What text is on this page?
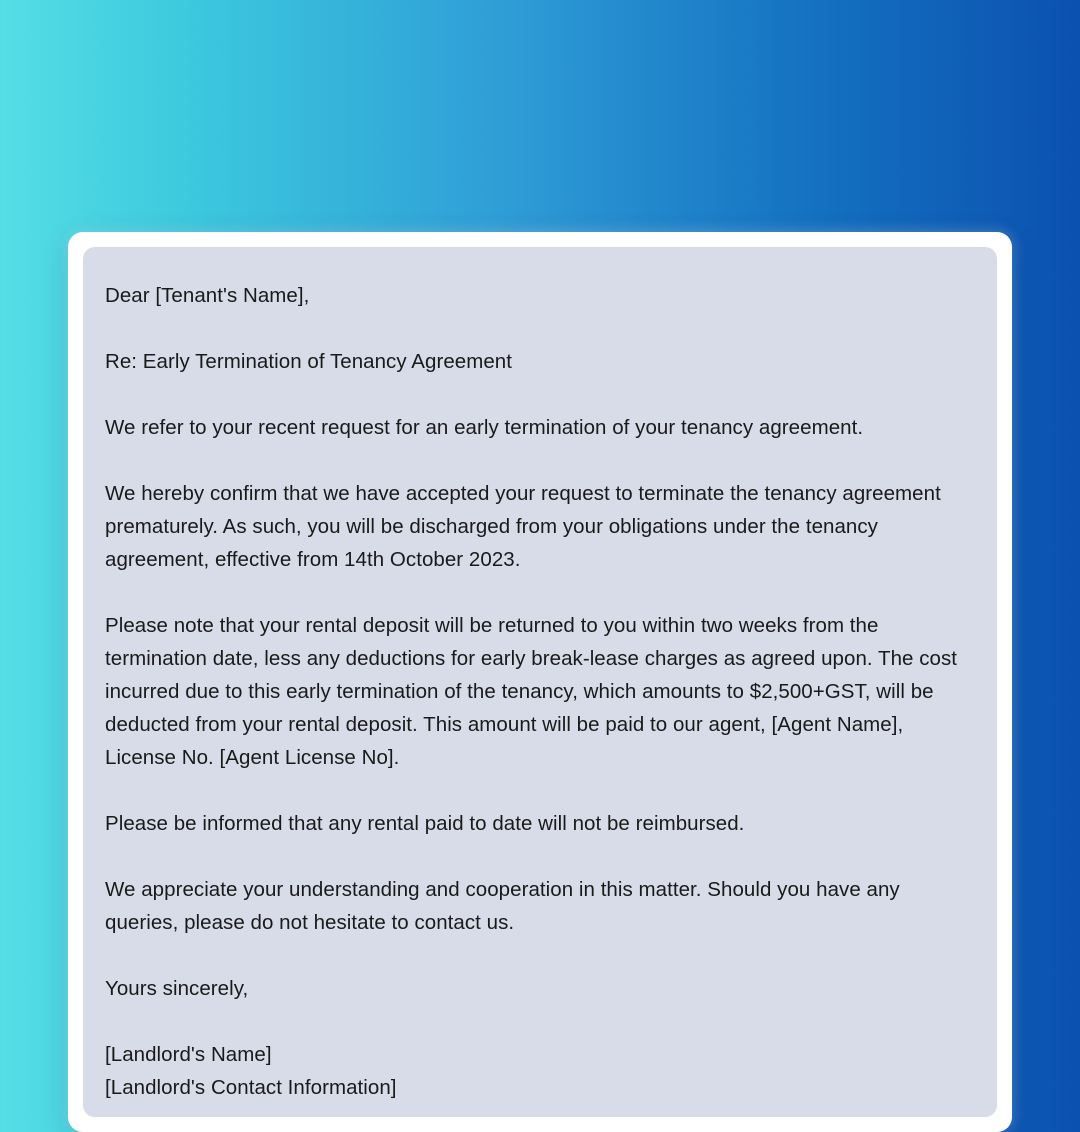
Dear [Tenant's Name],

Re: Early Termination of Tenancy Agreement

We refer to your recent request for an early termination of your tenancy agreement.

We hereby confirm that we have accepted your request to terminate the tenancy agreement prematurely. As such, you will be discharged from your obligations under the tenancy agreement, effective from 14th October 2023.

Please note that your rental deposit will be returned to you within two weeks from the termination date, less any deductions for early break-lease charges as agreed upon. The cost incurred due to this early termination of the tenancy, which amounts to $2,500+GST, will be deducted from your rental deposit. This amount will be paid to our agent, [Agent Name], License No. [Agent License No].

Please be informed that any rental paid to date will not be reimbursed.

We appreciate your understanding and cooperation in this matter. Should you have any queries, please do not hesitate to contact us.

Yours sincerely,

[Landlord's Name]
[Landlord's Contact Information]
